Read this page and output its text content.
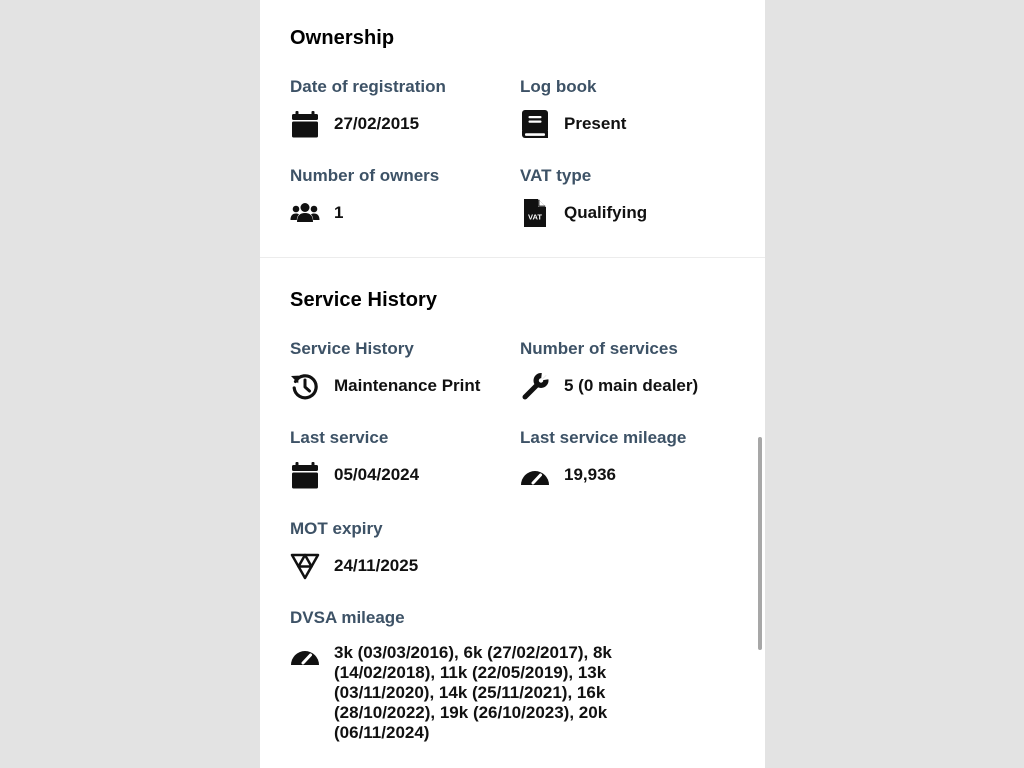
Ownership
Date of registration
27/02/2015
Log book
Present
Number of owners
1
VAT type
VAT Qualifying
Service History
Service History
Maintenance Print
Number of services
5 (0 main dealer)
Last service
05/04/2024
Last service mileage
19,936
MOT expiry
24/11/2025
DVSA mileage
3k (03/03/2016), 6k (27/02/2017), 8k (14/02/2018), 11k (22/05/2019), 13k (03/11/2020), 14k (25/11/2021), 16k (28/10/2022), 19k (26/10/2023), 20k (06/11/2024)
